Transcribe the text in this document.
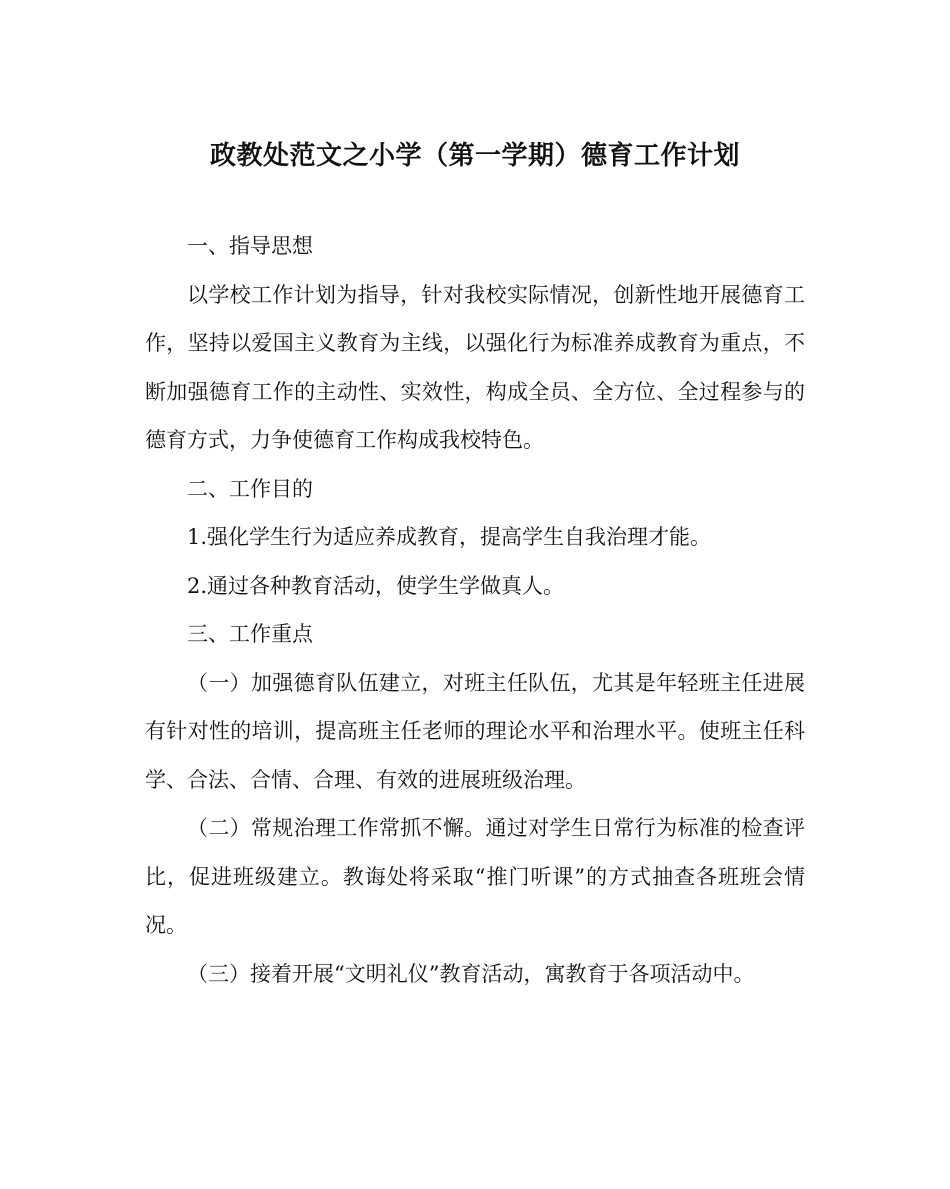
政教处范文之小学（第一学期）德育工作计划

一、指导思想

以学校工作计划为指导，针对我校实际情况，创新性地开展德育工作，坚持以爱国主义教育为主线，以强化行为标准养成教育为重点，不断加强德育工作的主动性、实效性，构成全员、全方位、全过程参与的德育方式，力争使德育工作构成我校特色。

二、工作目的

1.强化学生行为适应养成教育，提高学生自我治理才能。

2.通过各种教育活动，使学生学做真人。

三、工作重点

（一）加强德育队伍建立，对班主任队伍，尤其是年轻班主任进展有针对性的培训，提高班主任老师的理论水平和治理水平。使班主任科学、合法、合情、合理、有效的进展班级治理。

（二）常规治理工作常抓不懈。通过对学生日常行为标准的检查评比，促进班级建立。教诲处将采取“推门听课”的方式抽查各班班会情况。

（三）接着开展“文明礼仪”教育活动，寓教育于各项活动中。
